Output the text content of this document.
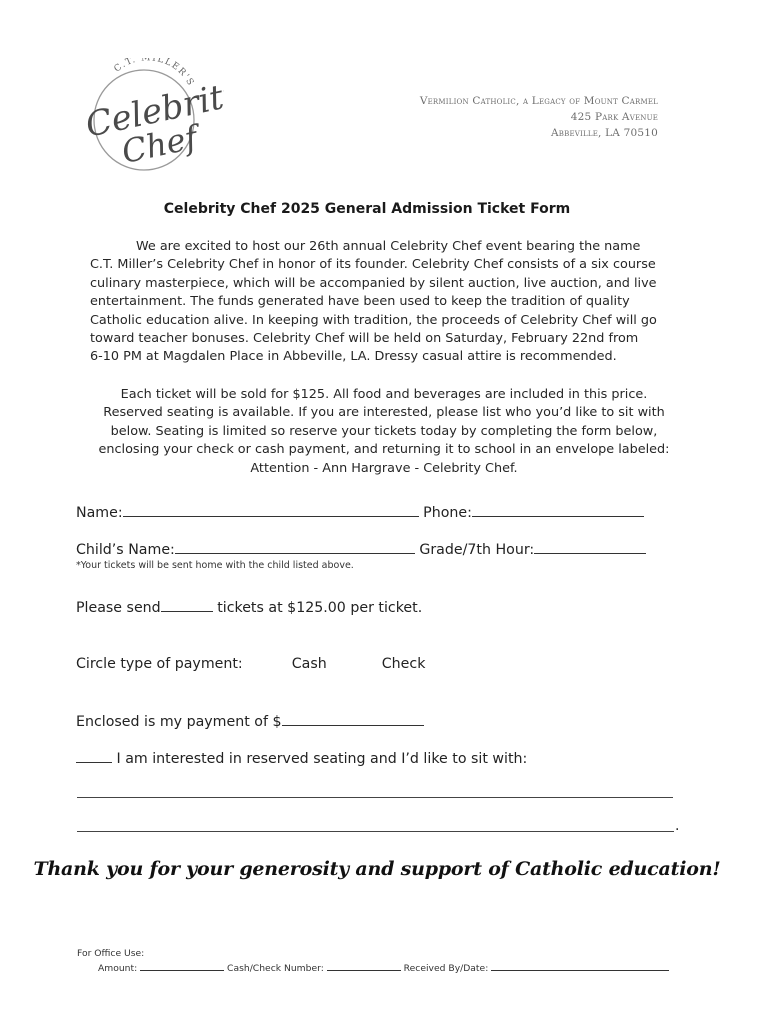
C.T. MILLER'S
Celebrity
Chef
Vermilion Catholic, a Legacy of Mount Carmel
425 Park Avenue
Abbeville, LA 70510
Celebrity Chef 2025 General Admission Ticket Form
We are excited to host our 26th annual Celebrity Chef event bearing the name
C.T. Miller’s Celebrity Chef in honor of its founder. Celebrity Chef consists of a six course
culinary masterpiece, which will be accompanied by silent auction, live auction, and live
entertainment. The funds generated have been used to keep the tradition of quality
Catholic education alive. In keeping with tradition, the proceeds of Celebrity Chef will go
toward teacher bonuses. Celebrity Chef will be held on Saturday, February 22nd from
6-10 PM at Magdalen Place in Abbeville, LA. Dressy casual attire is recommended.
Each ticket will be sold for $125. All food and beverages are included in this price.
Reserved seating is available. If you are interested, please list who you’d like to sit with
below. Seating is limited so reserve your tickets today by completing the form below,
enclosing your check or cash payment, and returning it to school in an envelope labeled:
Attention - Ann Hargrave - Celebrity Chef.
Name:	Phone:
Child’s Name:	Grade/7th Hour:
*Your tickets will be sent home with the child listed above.
Please send	tickets at $125.00 per ticket.
Circle type of payment:	Cash	Check
Enclosed is my payment of $
I am interested in reserved seating and I’d like to sit with:
.
Thank you for your generosity and support of Catholic education!
For Office Use:
Amount:	Cash/Check Number:	Received By/Date:
